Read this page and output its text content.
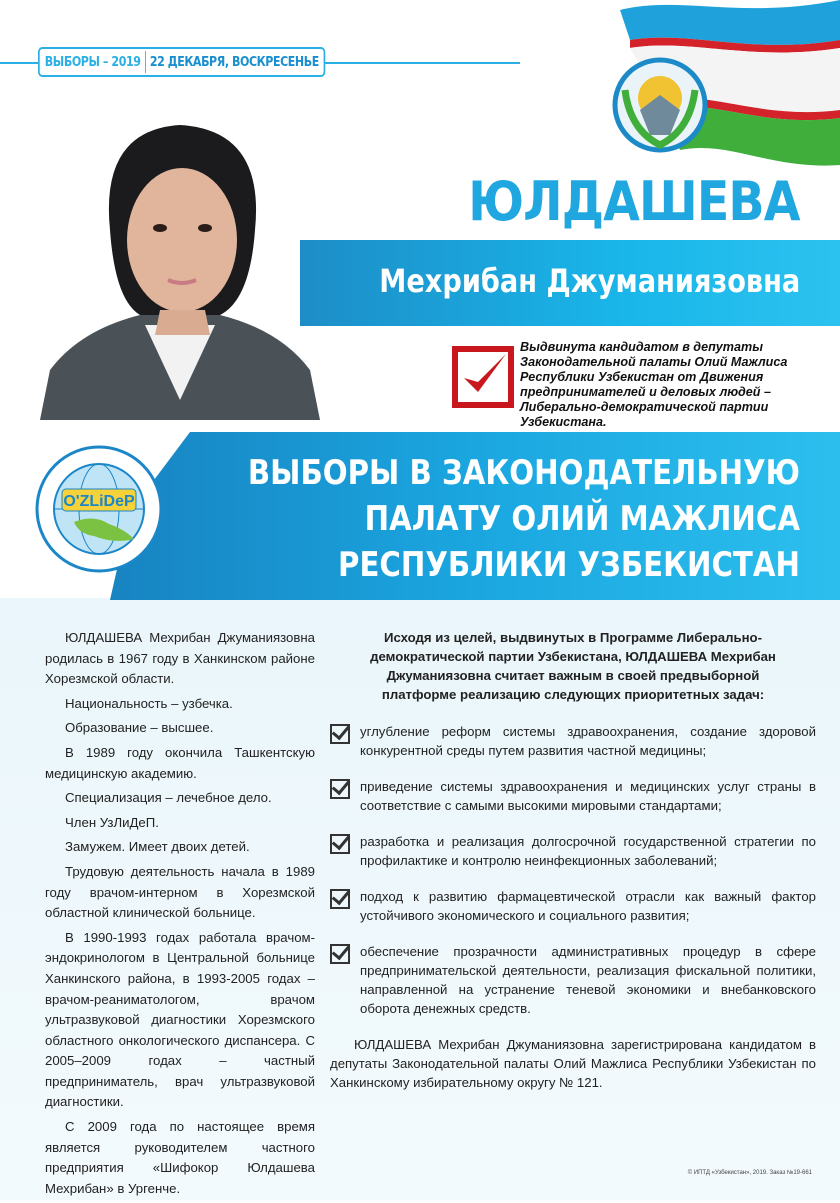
ВЫБОРЫ – 2019 22 ДЕКАБРЯ, ВОСКРЕСЕНЬЕ
ЮЛДАШЕВА
Мехрибан Джуманиязовна
Выдвинута кандидатом в депутаты Законодательной палаты Олий Мажлиса Республики Узбекистан от Движения предпринимателей и деловых людей – Либерально-демократической партии Узбекистана.
ВЫБОРЫ В ЗАКОНОДАТЕЛЬНУЮ
ПАЛАТУ ОЛИЙ МАЖЛИСА
РЕСПУБЛИКИ УЗБЕКИСТАН
O'ZLiDeP

ЮЛДАШЕВА Мехрибан Джуманиязовна родилась в 1967 году в Ханкинском районе Хорезмской области.

Национальность – узбечка.

Образование – высшее.

В 1989 году окончила Ташкентскую медицинскую академию.

Специализация – лечебное дело.

Член УзЛиДеП.

Замужем. Имеет двоих детей.

Трудовую деятельность начала в 1989 году врачом-интерном в Хорезмской областной клинической больнице.

В 1990-1993 годах работала врачом-эндокринологом в Центральной больнице Ханкинского района, в 1993-2005 годах – врачом-реаниматологом, врачом ультразвуковой диагностики Хорезмского областного онкологического диспансера. С 2005–2009 годах – частный предприниматель, врач ультразвуковой диагностики.

С 2009 года по настоящее время является руководителем частного предприятия «Шифокор Юлдашева Мехрибан» в Ургенче.

Исходя из целей, выдвинутых в Программе Либерально-демократической партии Узбекистана, ЮЛДАШЕВА Мехрибан Джуманиязовна считает важным в своей предвыборной платформе реализацию следующих приоритетных задач:
углубление реформ системы здравоохранения, создание здоровой конкурентной среды путем развития частной медицины;
приведение системы здравоохранения и медицинских услуг страны в соответствие с самыми высокими мировыми стандартами;
разработка и реализация долгосрочной государственной стратегии по профилактике и контролю неинфекционных заболеваний;
подход к развитию фармацевтической отрасли как важный фактор устойчивого экономического и социального развития;
обеспечение прозрачности административных процедур в сфере предпринимательской деятельности, реализация фискальной политики, направленной на устранение теневой экономики и внебанковского оборота денежных средств.

ЮЛДАШЕВА Мехрибан Джуманиязовна зарегистрирована кандидатом в депутаты Законодательной палаты Олий Мажлиса Республики Узбекистан по Ханкинскому избирательному округу № 121.

© ИПТД «Узбекистан», 2019. Заказ №19-661
